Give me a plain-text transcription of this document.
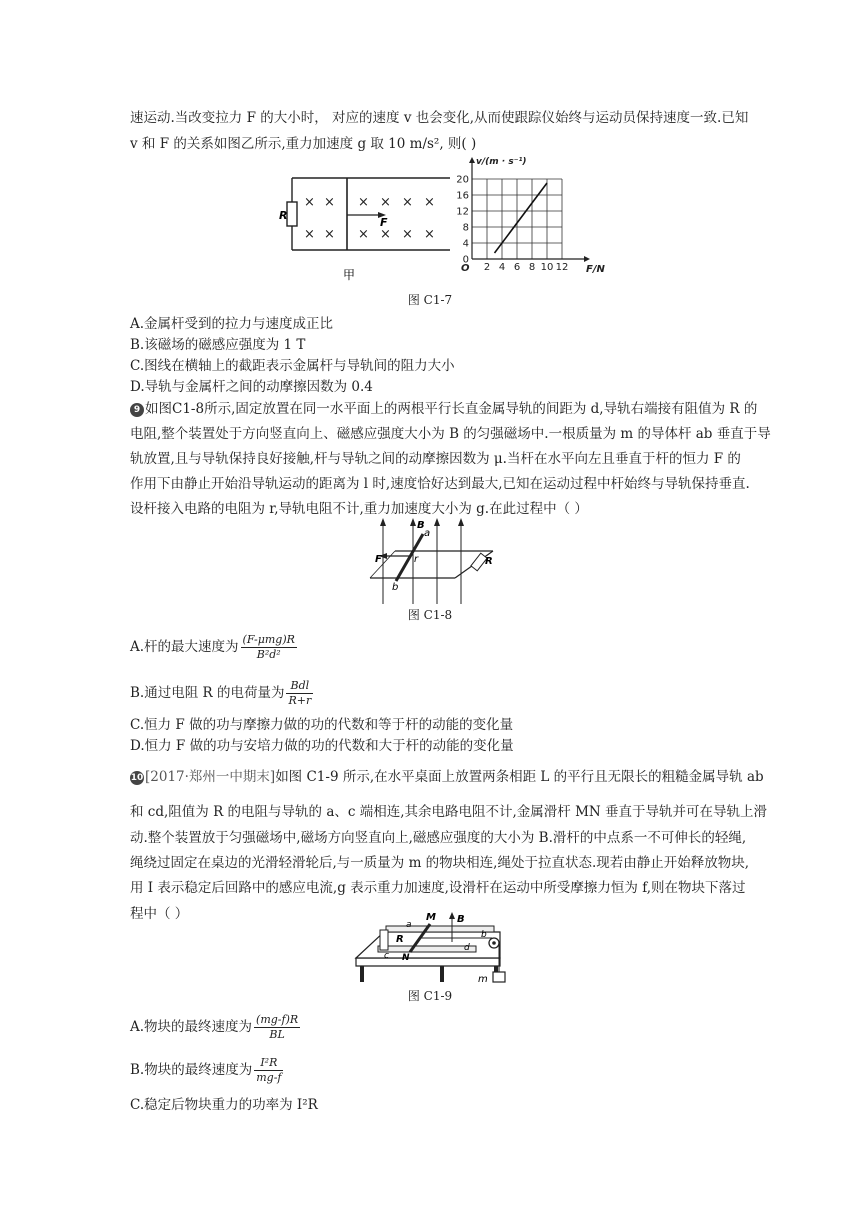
速运动.当改变拉力 F 的大小时， 对应的速度 v 也会变化,从而使跟踪仪始终与运动员保持速度一致.已知
v 和 F 的关系如图乙所示,重力加速度 g 取 10 m/s², 则( )
× ×
× ×
× × × ×
× × × ×
F
R
甲
2 4 6 8 10 12
4
8
12
16
20
0
O	F/N
v/(m · s⁻¹)
图 C1-7
A.金属杆受到的拉力与速度成正比
B.该磁场的磁感应强度为 1 T
C.图线在横轴上的截距表示金属杆与导轨间的阻力大小
D.导轨与金属杆之间的动摩擦因数为 0.4
9 如图C1-8所示,固定放置在同一水平面上的两根平行长直金属导轨的间距为 d,导轨右端接有阻值为 R 的
电阻,整个装置处于方向竖直向上、磁感应强度大小为 B 的匀强磁场中.一根质量为 m 的导体杆 ab 垂直于导
轨放置,且与导轨保持良好接触,杆与导轨之间的动摩擦因数为 μ.当杆在水平向左且垂直于杆的恒力 F 的
作用下由静止开始沿导轨运动的距离为 l 时,速度恰好达到最大,已知在运动过程中杆始终与导轨保持垂直.
设杆接入电路的电阻为 r,导轨电阻不计,重力加速度大小为 g.在此过程中（ ）
B
a
b
F	r	R
图 C1-8
A.杆的最大速度为 $\frac{\text{(F-μmg)R}}{\text{B²d²}}$
B.通过电阻 R 的电荷量为 $\frac{\text{Bdl}}{R+r}$
C.恒力 F 做的功与摩擦力做的功的代数和等于杆的动能的变化量
D.恒力 F 做的功与安培力做的功的代数和大于杆的动能的变化量
10 [2017·郑州一中期末]如图 C1-9 所示,在水平桌面上放置两条相距 L 的平行且无限长的粗糙金属导轨 ab
和 cd,阻值为 R 的电阻与导轨的 a、c 端相连,其余电路电阻不计,金属滑杆 MN 垂直于导轨并可在导轨上滑
动.整个装置放于匀强磁场中,磁场方向竖直向上,磁感应强度的大小为 B.滑杆的中点系一不可伸长的轻绳,
绳绕过固定在桌边的光滑轻滑轮后,与一质量为 m 的物块相连,绳处于拉直状态.现若由静止开始释放物块,
用 I 表示稳定后回路中的感应电流,g 表示重力加速度,设滑杆在运动中所受摩擦力恒为 f,则在物块下落过
程中（ ）	M B
a
R
c N
d
b
m
图 C1-9
A.物块的最终速度为 $\frac{(mg-f)R}{BL}$
B.物块的最终速度为 $\frac{\text{I²R}}{mg-f}$
C.稳定后物块重力的功率为 I²R
